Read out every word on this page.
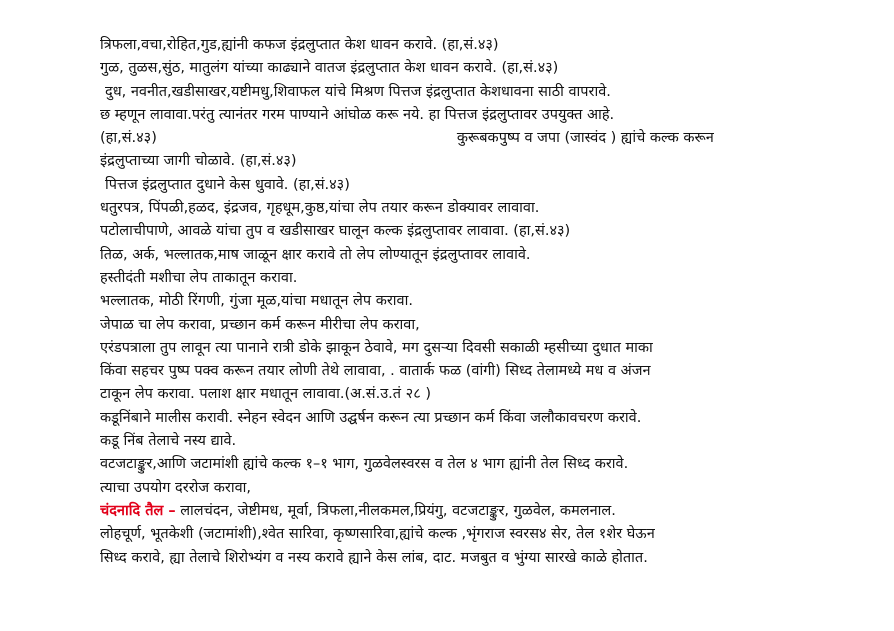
त्रिफला,वचा,रोहित,गुड,ह्यांनी कफज इंद्रलुप्तात केश धावन करावे. (हा,सं.४३)
गुळ, तुळस,सुंठ, मातुलंग यांच्या काढ्याने वातज इंद्रलुप्तात केश धावन करावे. (हा,सं.४३)
दुध, नवनीत,खडीसाखर,यष्टीमधु,शिवाफल यांचे मिश्रण पित्तज इंद्रलुप्तात केशधावना साठी वापरावे.
छ म्हणून लावावा.परंतु त्यानंतर गरम पाण्याने आंघोळ करू नये. हा पित्तज इंद्रलुप्तावर उपयुक्त आहे.
(हा,सं.४३)	कुरूबकपुष्प व जपा (जास्वंद ) ह्यांचे कल्क करून
इंद्रलुप्ताच्या जागी चोळावे. (हा,सं.४३)
पित्तज इंद्रलुप्तात दुधाने केस धुवावे. (हा,सं.४३)
धतुरपत्र, पिंपळी,हळद, इंद्रजव, गृहधूम,कुष्ठ,यांचा लेप तयार करून डोक्यावर लावावा.
पटोलाचीपाणे, आवळे यांचा तुप व खडीसाखर घालून कल्क इंद्रलुप्तावर लावावा. (हा,सं.४३)
तिळ, अर्क, भल्लातक,माष जाळून क्षार करावे तो लेप लोण्यातून इंद्रलुप्तावर लावावे.
हस्तीदंती मशीचा लेप ताकातून करावा.
भल्लातक, मोठी रिंगणी, गुंजा मूळ,यांचा मधातून लेप करावा.
जेपाळ चा लेप करावा, प्रच्छान कर्म करून मीरीचा लेप करावा,
एरंडपत्राला तुप लावून त्या पानाने रात्री डोके झाकून ठेवावे, मग दुसऱ्या दिवसी सकाळी म्हसीच्या दुधात माका
किंवा सहचर पुष्प पक्व करून तयार लोणी तेथे लावावा, . वातार्क फळ (वांगी) सिध्द तेलामध्ये मध व अंजन
टाकून लेप करावा. पलाश क्षार मधातून लावावा.(अ.सं.उ.तं २८ )
कडूनिंबाने मालीस करावी. स्नेहन स्वेदन आणि उद्घर्षन करून त्या प्रच्छान कर्म किंवा जलौकावचरण करावे.
कडू निंब तेलाचे नस्य द्यावे.
वटजटाङ्कुर,आणि जटामांशी ह्यांचे कल्क १–१ भाग, गुळवेलस्वरस व तेल ४ भाग ह्यांनी तेल सिध्द करावे.
त्याचा उपयोग दररोज करावा,
चंदनादि तैल – लालचंदन, जेष्टीमध, मूर्वा, त्रिफला,नीलकमल,प्रियंगु, वटजटाङ्कुर, गुळवेल, कमलनाल.
लोहचूर्ण, भूतकेशी (जटामांशी),श्वेत सारिवा, कृष्णसारिवा,ह्यांचे कल्क ,भृंगराज स्वरस४ सेर, तेल १शेर घेऊन
सिध्द करावे, ह्या तेलाचे शिरोभ्यंग व नस्य करावे ह्याने केस लांब, दाट. मजबुत व भुंग्या सारखे काळे होतात.
